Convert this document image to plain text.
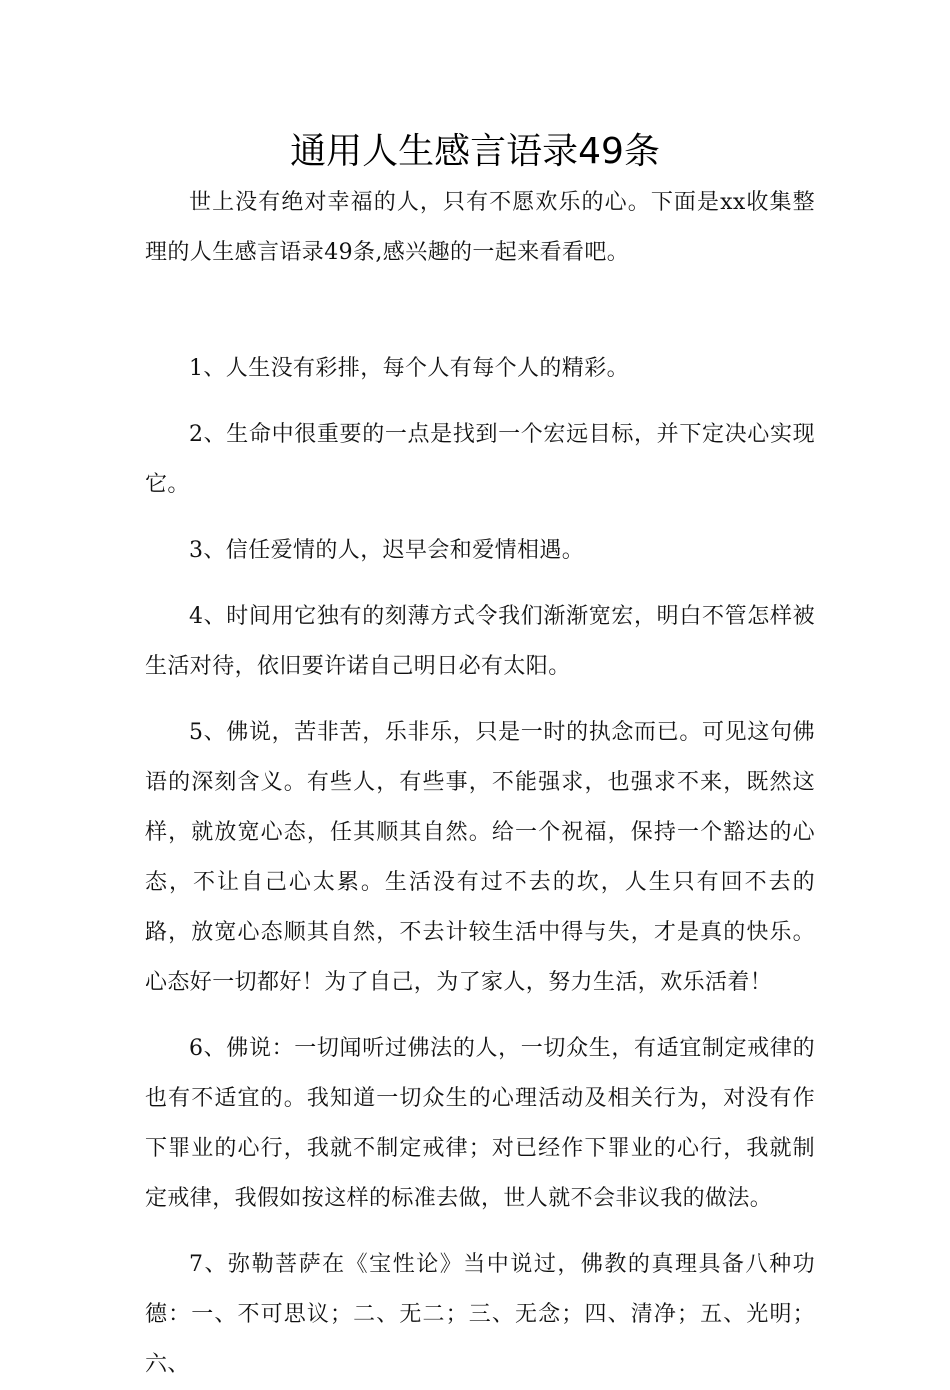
通用人生感言语录49条

世上没有绝对幸福的人，只有不愿欢乐的心。下面是xx收集整理的人生感言语录49条,感兴趣的一起来看看吧。

1、人生没有彩排，每个人有每个人的精彩。

2、生命中很重要的一点是找到一个宏远目标，并下定决心实现它。

3、信任爱情的人，迟早会和爱情相遇。

4、时间用它独有的刻薄方式令我们渐渐宽宏，明白不管怎样被生活对待，依旧要许诺自己明日必有太阳。

5、佛说，苦非苦，乐非乐，只是一时的执念而已。可见这句佛语的深刻含义。有些人，有些事，不能强求，也强求不来，既然这样，就放宽心态，任其顺其自然。给一个祝福，保持一个豁达的心态，不让自己心太累。生活没有过不去的坎，人生只有回不去的路，放宽心态顺其自然，不去计较生活中得与失，才是真的快乐。心态好一切都好！为了自己，为了家人，努力生活，欢乐活着！

6、佛说：一切闻听过佛法的人，一切众生，有适宜制定戒律的也有不适宜的。我知道一切众生的心理活动及相关行为，对没有作下罪业的心行，我就不制定戒律；对已经作下罪业的心行，我就制定戒律，我假如按这样的标准去做，世人就不会非议我的做法。

7、弥勒菩萨在《宝性论》当中说过，佛教的真理具备八种功德：一、不可思议；二、无二；三、无念；四、清净；五、光明；六、
